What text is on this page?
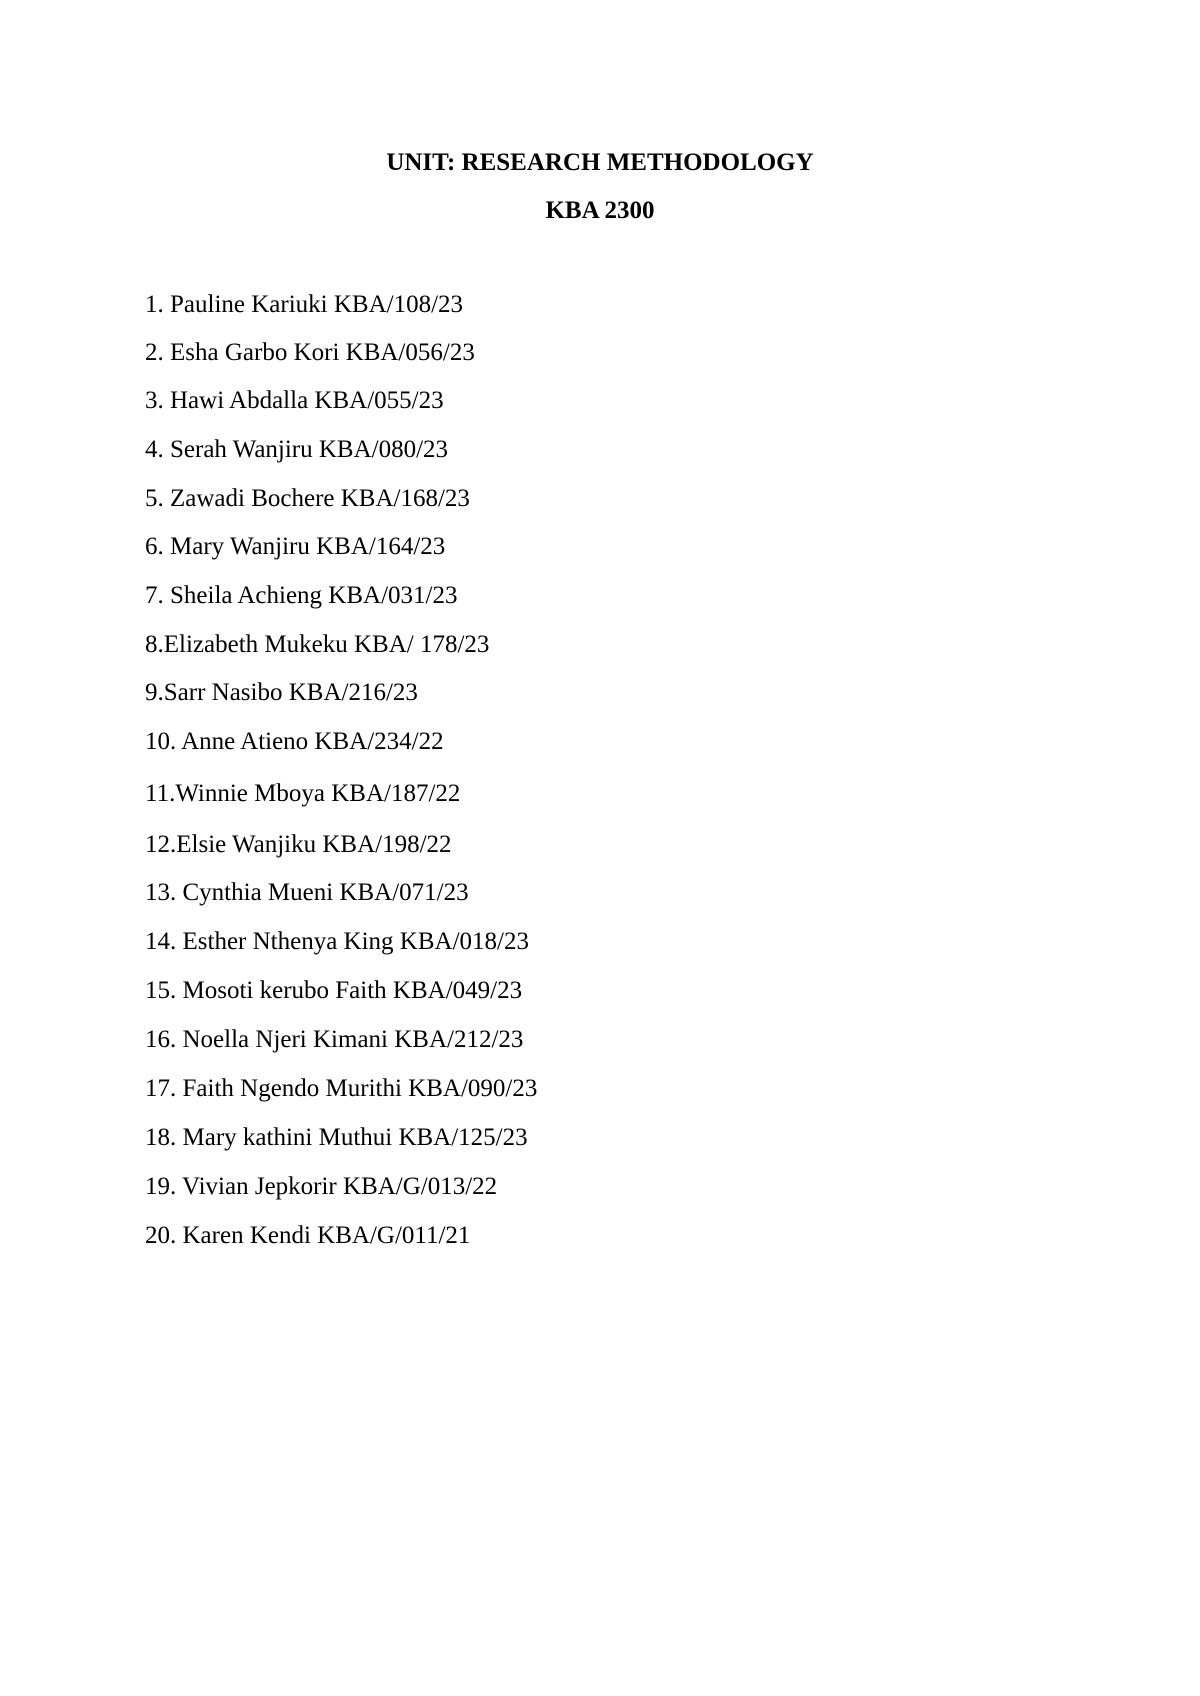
UNIT: RESEARCH METHODOLOGY
KBA 2300
1. Pauline Kariuki KBA/108/23
2. Esha Garbo Kori KBA/056/23
3. Hawi Abdalla KBA/055/23
4. Serah Wanjiru KBA/080/23
5. Zawadi Bochere KBA/168/23
6. Mary Wanjiru KBA/164/23
7. Sheila Achieng KBA/031/23
8.Elizabeth Mukeku KBA/ 178/23
9.Sarr Nasibo KBA/216/23
10. Anne Atieno KBA/234/22
11.Winnie Mboya KBA/187/22
12.Elsie Wanjiku KBA/198/22
13. Cynthia Mueni KBA/071/23
14. Esther Nthenya King KBA/018/23
15. Mosoti kerubo Faith KBA/049/23
16. Noella Njeri Kimani KBA/212/23
17. Faith Ngendo Murithi KBA/090/23
18. Mary kathini Muthui KBA/125/23
19. Vivian Jepkorir KBA/G/013/22
20. Karen Kendi KBA/G/011/21
